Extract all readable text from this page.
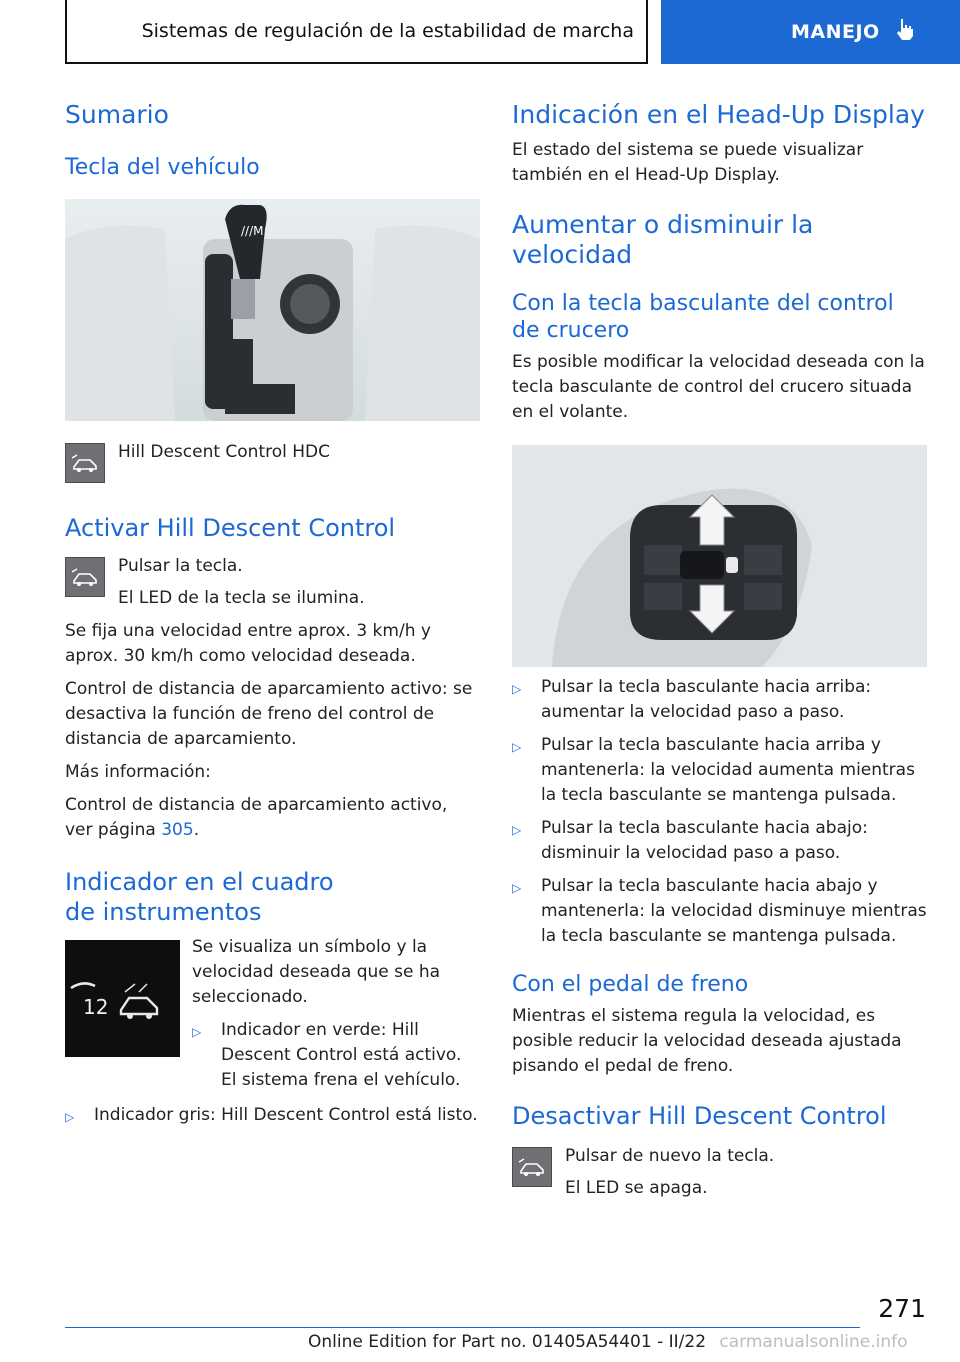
Sistemas de regulación de la estabilidad de marcha	MANEJO
Sumario
Tecla del vehículo
///M

Hill Descent Control HDC

Activar Hill Descent Control

Pulsar la tecla.

El LED de la tecla se ilumina.

Se fija una velocidad entre aprox. 3 km/h y aprox. 30 km/h como velocidad deseada.

Control de distancia de aparcamiento activo: se desactiva la función de freno del control de distancia de aparcamiento.

Más información:

Control de distancia de aparcamiento activo, ver página 305.

Indicador en el cuadro
de instrumentos
12

Se visualiza un símbolo y la velocidad deseada que se ha seleccionado.

▷	Indicador en verde: Hill Descent Control está activo. El sistema frena el vehículo.

▷	Indicador gris: Hill Descent Control está listo.

Indicación en el Head-Up Display

El estado del sistema se puede visualizar también en el Head-Up Display.

Aumentar o disminuir la velocidad
Con la tecla basculante del control de crucero

Es posible modificar la velocidad deseada con la tecla basculante de control del crucero situada en el volante.

▷	Pulsar la tecla basculante hacia arriba: aumentar la velocidad paso a paso.

▷	Pulsar la tecla basculante hacia arriba y mantenerla: la velocidad aumenta mientras la tecla basculante se mantenga pulsada.

▷	Pulsar la tecla basculante hacia abajo: disminuir la velocidad paso a paso.

▷	Pulsar la tecla basculante hacia abajo y mantenerla: la velocidad disminuye mientras la tecla basculante se mantenga pulsada.

Con el pedal de freno

Mientras el sistema regula la velocidad, es posible reducir la velocidad deseada ajustada pisando el pedal de freno.

Desactivar Hill Descent Control

Pulsar de nuevo la tecla.

El LED se apaga.

271
Online Edition for Part no. 01405A54401 - II/22 carmanualsonline.info
